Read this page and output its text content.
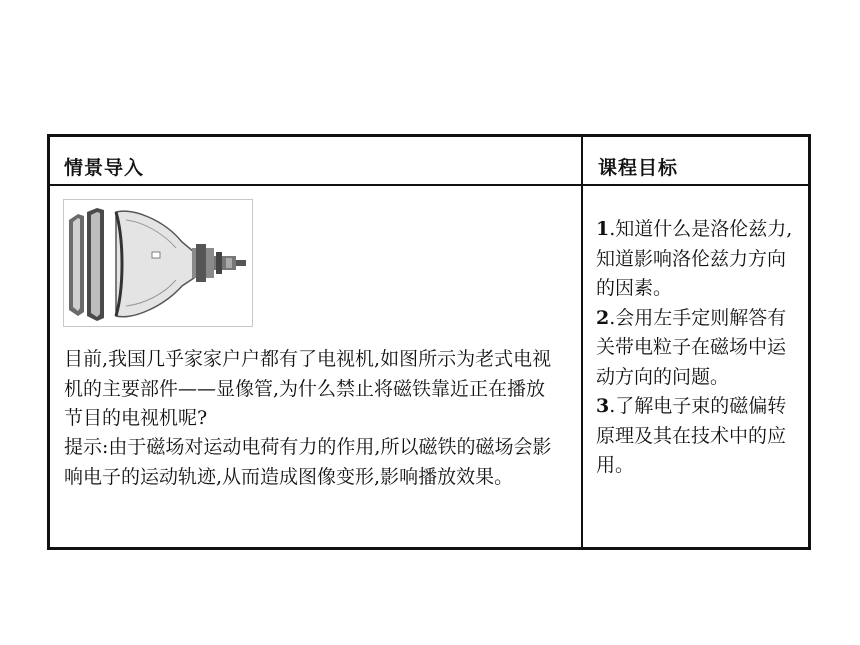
情景导入	课程目标
目前,我国几乎家家户户都有了电视机,如图所示为老式电视机的主要部件——显像管,为什么禁止将磁铁靠近正在播放节目的电视机呢?
提示:由于磁场对运动电荷有力的作用,所以磁铁的磁场会影响电子的运动轨迹,从而造成图像变形,影响播放效果。
1.知道什么是洛伦兹力,知道影响洛伦兹力方向的因素。
2.会用左手定则解答有关带电粒子在磁场中运动方向的问题。
3.了解电子束的磁偏转原理及其在技术中的应用。
